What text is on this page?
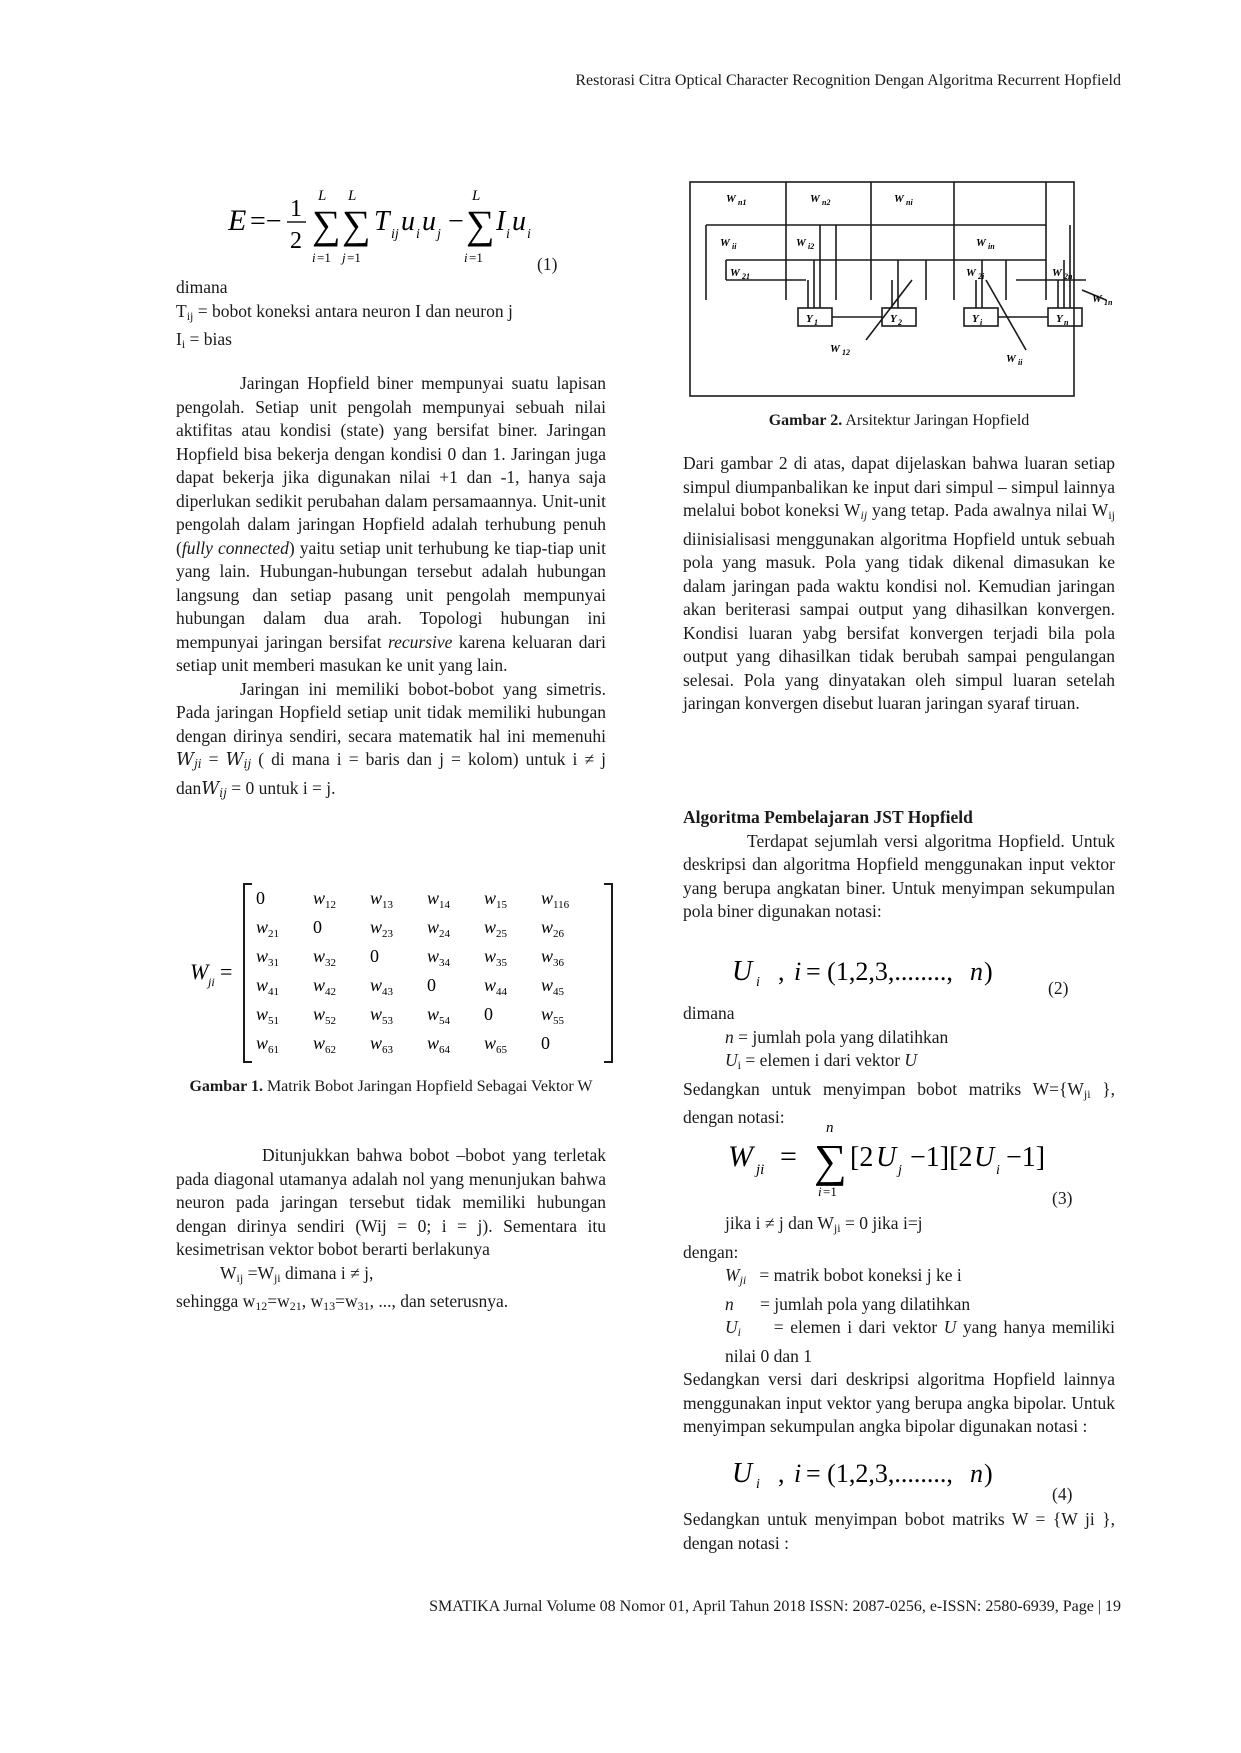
Restorasi Citra Optical Character Recognition Dengan Algoritma Recurrent Hopfield
E =− 1
2 ∑
L
i =1
∑
L
j =1
T ij u i u j − ∑
L
i =1
I i u i
(1)

dimana

$T_{ij}$ = bobot koneksi antara neuron I dan neuron j

$I_i$ = bias

Jaringan Hopfield biner mempunyai suatu lapisan pengolah. Setiap unit pengolah mempunyai sebuah nilai aktifitas atau kondisi (state) yang bersifat biner. Jaringan Hopfield bisa bekerja dengan kondisi 0 dan 1. Jaringan juga dapat bekerja jika digunakan nilai +1 dan -1, hanya saja diperlukan sedikit perubahan dalam persamaannya. Unit-unit pengolah dalam jaringan Hopfield adalah terhubung penuh (fully connected) yaitu setiap unit terhubung ke tiap-tiap unit yang lain. Hubungan-hubungan tersebut adalah hubungan langsung dan setiap pasang unit pengolah mempunyai hubungan dalam dua arah. Topologi hubungan ini mempunyai jaringan bersifat recursive karena keluaran dari setiap unit memberi masukan ke unit yang lain.

Jaringan ini memiliki bobot-bobot yang simetris. Pada jaringan Hopfield setiap unit tidak memiliki hubungan dengan dirinya sendiri, secara matematik hal ini memenuhi $W_{ji} = W_{ij}$ ( di mana i = baris dan j = kolom) untuk i ≠ j danW$_{ij}$ = 0 untuk i = j.

W ji =
0	$w_{12}$ $w_{13}$ $w_{14}$ $w_{15}$ $w_{116}$
$w_{21}$ 0	$w_{23}$ $w_{24}$ $w_{25}$ $w_{26}$
$w_{31}$ $w_{32}$ 0	$w_{34}$ $w_{35}$ $w_{36}$
$w_{41}$ $w_{42}$ $w_{43}$ 0	$w_{44}$ $w_{45}$
$w_{51}$ $w_{52}$ $w_{53}$ $w_{54}$ 0	$w_{55}$
$w_{61}$ $w_{62}$ $w_{63}$ $w_{64}$ $w_{65}$ 0
Gambar 1. Matrik Bobot Jaringan Hopfield Sebagai Vektor W

Ditunjukkan bahwa bobot –bobot yang terletak pada diagonal utamanya adalah nol yang menunjukan bahwa neuron pada jaringan tersebut tidak memiliki hubungan dengan dirinya sendiri (Wij = 0; i = j). Sementara itu kesimetrisan vektor bobot berarti berlakunya

$W_{ij} =W_{ji}$ dimana i ≠ j,

sehingga $w_{12}=w_{21}$, $w_{13}=w_{31}$, ..., dan seterusnya.

W n1	W n2	W ni
W ii	W i2	W in
W 21	W 2i	W 2n
Y 1	Y 2	Y i	Y n
W 12
W ii
W 1n
Gambar 2. Arsitektur Jaringan Hopfield

Dari gambar 2 di atas, dapat dijelaskan bahwa luaran setiap simpul diumpanbalikan ke input dari simpul – simpul lainnya melalui bobot koneksi $W_{ij}$ yang tetap. Pada awalnya nilai $W_{ij}$ diinisialisasi menggunakan algoritma Hopfield untuk sebuah pola yang masuk. Pola yang tidak dikenal dimasukan ke dalam jaringan pada waktu kondisi nol. Kemudian jaringan akan beriterasi sampai output yang dihasilkan konvergen. Kondisi luaran yabg bersifat konvergen terjadi bila pola output yang dihasilkan tidak berubah sampai pengulangan selesai. Pola yang dinyatakan oleh simpul luaran setelah jaringan konvergen disebut luaran jaringan syaraf tiruan.

Algoritma Pembelajaran JST Hopfield

Terdapat sejumlah versi algoritma Hopfield. Untuk deskripsi dan algoritma Hopfield menggunakan input vektor yang berupa angkatan biner. Untuk menyimpan sekumpulan pola biner digunakan notasi:

U i , i = (1,2,3,........, n )
(2)

dimana

n = jumlah pola yang dilatihkan

$U_i$ = elemen i dari vektor U

Sedangkan untuk menyimpan bobot matriks $W=\{W_{ji}$ }, dengan notasi:

W ji = ∑
n
i =1
[2 U j −1][2 U i −1]
(3)

jika i ≠ j dan $W_{ji} = 0$ jika i=j

dengan:

$W_{ji}$ = matrik bobot koneksi j ke i

n = jumlah pola yang dilatihkan

$U_i$ = elemen i dari vektor U yang hanya memiliki nilai 0 dan 1

Sedangkan versi dari deskripsi algoritma Hopfield lainnya menggunakan input vektor yang berupa angka bipolar. Untuk menyimpan sekumpulan angka bipolar digunakan notasi :

U i , i = (1,2,3,........, n )
(4)

Sedangkan untuk menyimpan bobot matriks W = {W ji }, dengan notasi :

SMATIKA Jurnal Volume 08 Nomor 01, April Tahun 2018 ISSN: 2087-0256, e-ISSN: 2580-6939, Page | 19
